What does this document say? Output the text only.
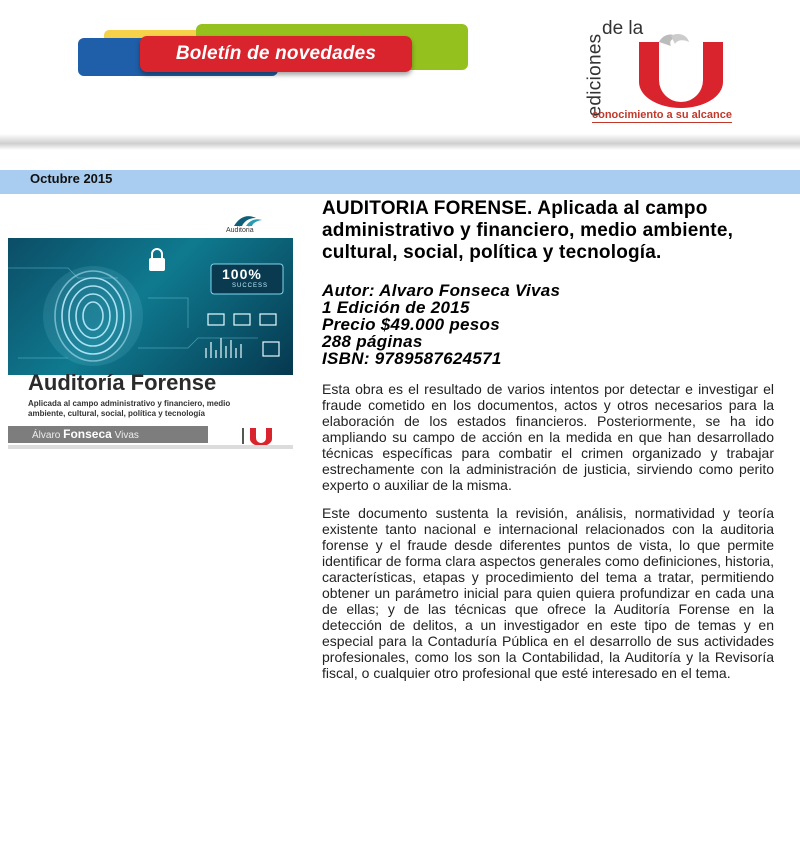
Boletín de novedades
de la
ediciones
conocimiento a su alcance
Octubre 2015
Auditoria
100%
SUCCESS
Auditoría Forense
Aplicada al campo administrativo y financiero, medio ambiente, cultural, social, política y tecnología
Álvaro Fonseca Vivas
AUDITORIA FORENSE. Aplicada al campo administrativo y financiero, medio ambiente, cultural, social, política y tecnología.
Autor: Alvaro Fonseca Vivas
1 Edición de 2015
Precio $49.000 pesos
288 páginas
ISBN: 9789587624571

Esta obra es el resultado de varios intentos por detectar e investigar el fraude cometido en los documentos, actos y otros necesarios para la elaboración de los estados financieros. Posteriormente, se ha ido ampliando su campo de acción en la medida en que han desarrollado técnicas específicas para combatir el crimen organizado y trabajar estrechamente con la administración de justicia, sirviendo como perito experto o auxiliar de la misma.

Este documento sustenta la revisión, análisis, normatividad y teoría existente tanto nacional e internacional relacionados con la auditoria forense y el fraude desde diferentes puntos de vista, lo que permite identificar de forma clara aspectos generales como definiciones, historia, características, etapas y procedimiento del tema a tratar, permitiendo obtener un parámetro inicial para quien quiera profundizar en cada una de ellas; y de las técnicas que ofrece la Auditoría Forense en la detección de delitos, a un investigador en este tipo de temas y en especial para la Contaduría Pública en el desarrollo de sus actividades profesionales, como los son la Contabilidad, la Auditoría y la Revisoría fiscal, o cualquier otro profesional que esté interesado en el tema.
